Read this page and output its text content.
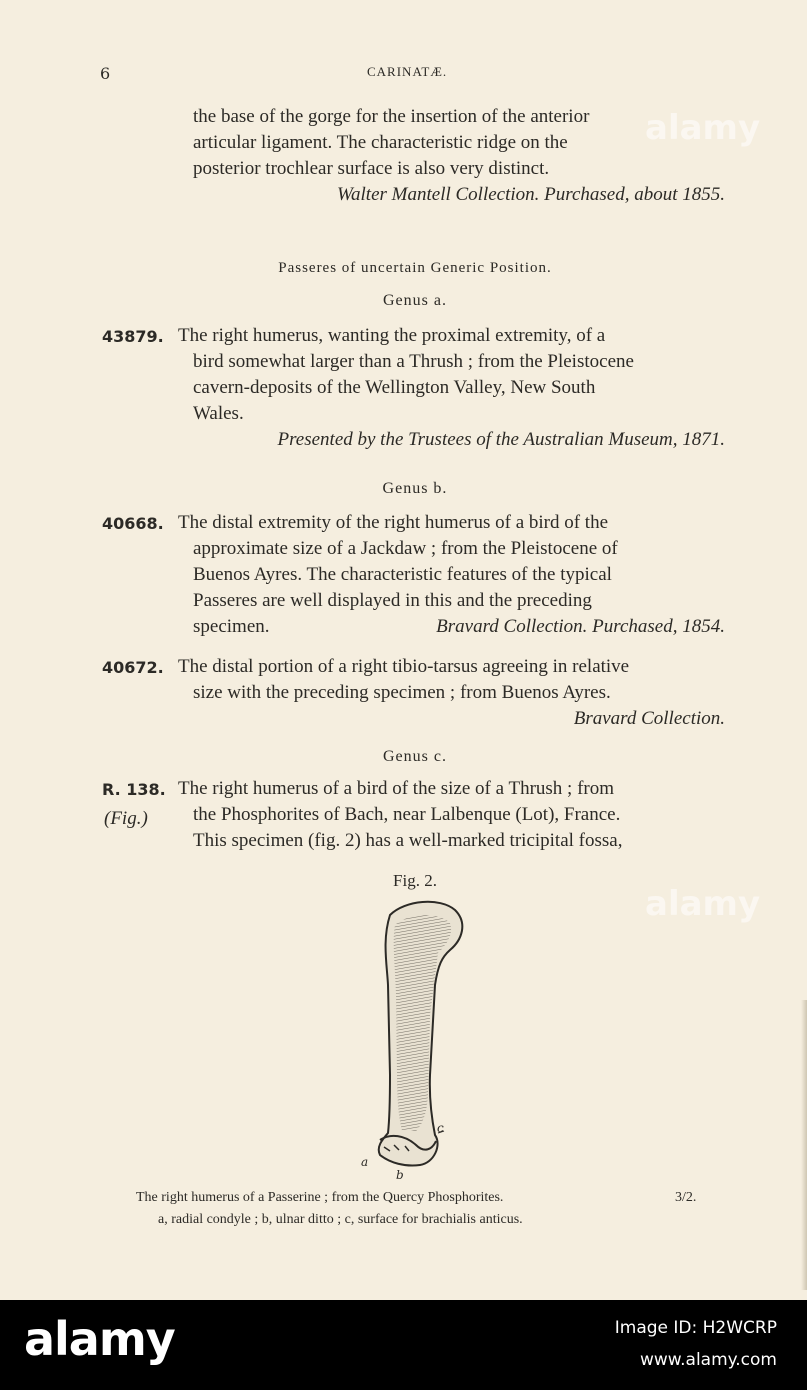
6	CARINATÆ.
the base of the gorge for the insertion of the anterior
articular ligament. The characteristic ridge on the
posterior trochlear surface is also very distinct.
Walter Mantell Collection. Purchased, about 1855.
Passeres of uncertain Generic Position.
Genus a.
43879. The right humerus, wanting the proximal extremity, of a
bird somewhat larger than a Thrush ; from the Pleistocene
cavern-deposits of the Wellington Valley, New South
Wales.
Presented by the Trustees of the Australian Museum, 1871.
Genus b.
40668. The distal extremity of the right humerus of a bird of the
approximate size of a Jackdaw ; from the Pleistocene of
Buenos Ayres. The characteristic features of the typical
Passeres are well displayed in this and the preceding
specimen.	Bravard Collection. Purchased, 1854.
40672. The distal portion of a right tibio-tarsus agreeing in relative
size with the preceding specimen ; from Buenos Ayres.
Bravard Collection.
Genus c.
R. 138.
(Fig.)
The right humerus of a bird of the size of a Thrush ; from
the Phosphorites of Bach, near Lalbenque (Lot), France.
This specimen (fig. 2) has a well-marked tricipital fossa,
Fig. 2.
c
a
b
The right humerus of a Passerine ; from the Quercy Phosphorites.	3/2.
a, radial condyle ; b, ulnar ditto ; c, surface for brachialis anticus.
alamy
alamy
alamy	Image ID: H2WCRP
www.alamy.com
